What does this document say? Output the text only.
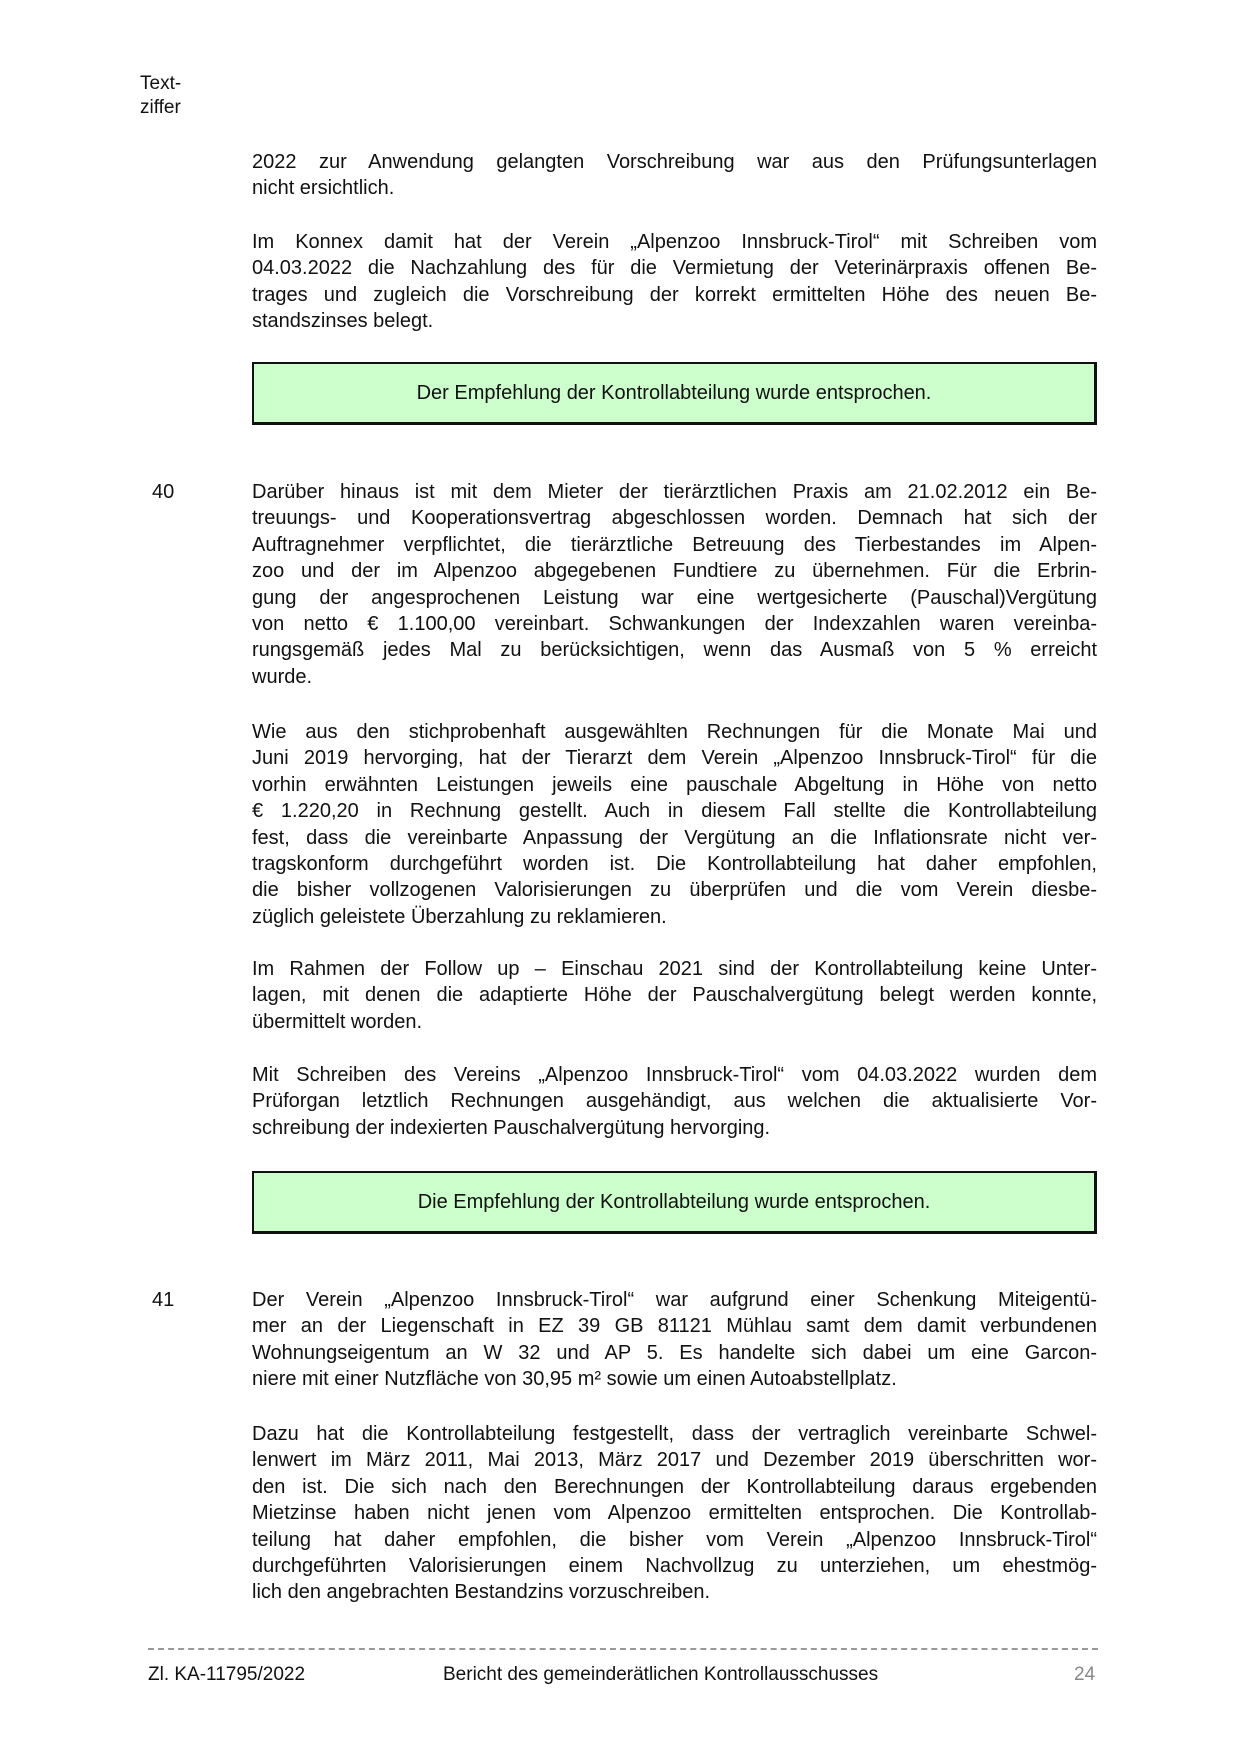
Text-
ziffer
2022 zur Anwendung gelangten Vorschreibung war aus den Prüfungsunterlagen
nicht ersichtlich.
Im Konnex damit hat der Verein „Alpenzoo Innsbruck-Tirol“ mit Schreiben vom
04.03.2022 die Nachzahlung des für die Vermietung der Veterinärpraxis offenen Be-
trages und zugleich die Vorschreibung der korrekt ermittelten Höhe des neuen Be-
standszinses belegt.
40	Darüber hinaus ist mit dem Mieter der tierärztlichen Praxis am 21.02.2012 ein Be-
treuungs- und Kooperationsvertrag abgeschlossen worden. Demnach hat sich der
Auftragnehmer verpflichtet, die tierärztliche Betreuung des Tierbestandes im Alpen-
zoo und der im Alpenzoo abgegebenen Fundtiere zu übernehmen. Für die Erbrin-
gung der angesprochenen Leistung war eine wertgesicherte (Pauschal)Vergütung
von netto € 1.100,00 vereinbart. Schwankungen der Indexzahlen waren vereinba-
rungsgemäß jedes Mal zu berücksichtigen, wenn das Ausmaß von 5 % erreicht
wurde.
Wie aus den stichprobenhaft ausgewählten Rechnungen für die Monate Mai und
Juni 2019 hervorging, hat der Tierarzt dem Verein „Alpenzoo Innsbruck-Tirol“ für die
vorhin erwähnten Leistungen jeweils eine pauschale Abgeltung in Höhe von netto
€ 1.220,20 in Rechnung gestellt. Auch in diesem Fall stellte die Kontrollabteilung
fest, dass die vereinbarte Anpassung der Vergütung an die Inflationsrate nicht ver-
tragskonform durchgeführt worden ist. Die Kontrollabteilung hat daher empfohlen,
die bisher vollzogenen Valorisierungen zu überprüfen und die vom Verein diesbe-
züglich geleistete Überzahlung zu reklamieren.
Im Rahmen der Follow up – Einschau 2021 sind der Kontrollabteilung keine Unter-
lagen, mit denen die adaptierte Höhe der Pauschalvergütung belegt werden konnte,
übermittelt worden.
Mit Schreiben des Vereins „Alpenzoo Innsbruck-Tirol“ vom 04.03.2022 wurden dem
Prüforgan letztlich Rechnungen ausgehändigt, aus welchen die aktualisierte Vor-
schreibung der indexierten Pauschalvergütung hervorging.
41	Der Verein „Alpenzoo Innsbruck-Tirol“ war aufgrund einer Schenkung Miteigentü-
mer an der Liegenschaft in EZ 39 GB 81121 Mühlau samt dem damit verbundenen
Wohnungseigentum an W 32 und AP 5. Es handelte sich dabei um eine Garcon-
niere mit einer Nutzfläche von 30,95 m² sowie um einen Autoabstellplatz.
Dazu hat die Kontrollabteilung festgestellt, dass der vertraglich vereinbarte Schwel-
lenwert im März 2011, Mai 2013, März 2017 und Dezember 2019 überschritten wor-
den ist. Die sich nach den Berechnungen der Kontrollabteilung daraus ergebenden
Mietzinse haben nicht jenen vom Alpenzoo ermittelten entsprochen. Die Kontrollab-
teilung hat daher empfohlen, die bisher vom Verein „Alpenzoo Innsbruck-Tirol“
durchgeführten Valorisierungen einem Nachvollzug zu unterziehen, um ehestmög-
lich den angebrachten Bestandzins vorzuschreiben.
Der Empfehlung der Kontrollabteilung wurde entsprochen.
Die Empfehlung der Kontrollabteilung wurde entsprochen.
Zl. KA-11795/2022	Bericht des gemeinderätlichen Kontrollausschusses	24
